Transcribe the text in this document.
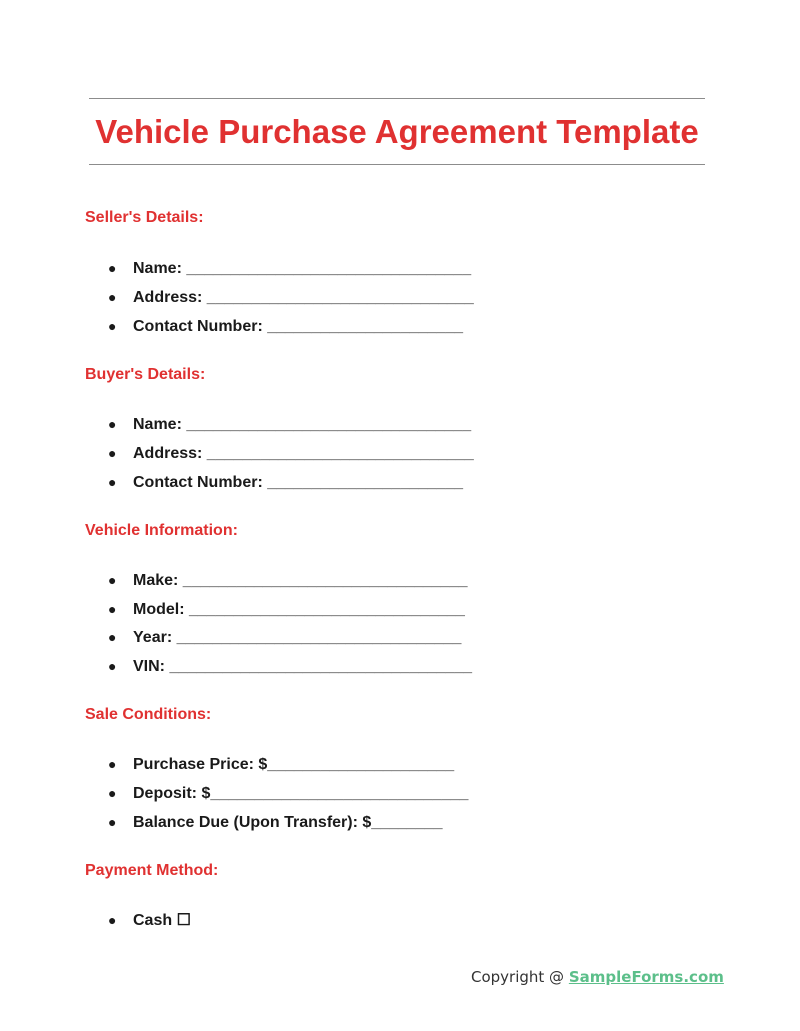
Vehicle Purchase Agreement Template
Seller's Details:
● Name: ________________________________
● Address: ______________________________
● Contact Number: ______________________
Buyer's Details:
● Name: ________________________________
● Address: ______________________________
● Contact Number: ______________________
Vehicle Information:
● Make: ________________________________
● Model: _______________________________
● Year: ________________________________
● VIN: __________________________________
Sale Conditions:
● Purchase Price: $_____________________
● Deposit: $_____________________________
● Balance Due (Upon Transfer): $________
Payment Method:
● Cash ☐
Copyright @ SampleForms.com
